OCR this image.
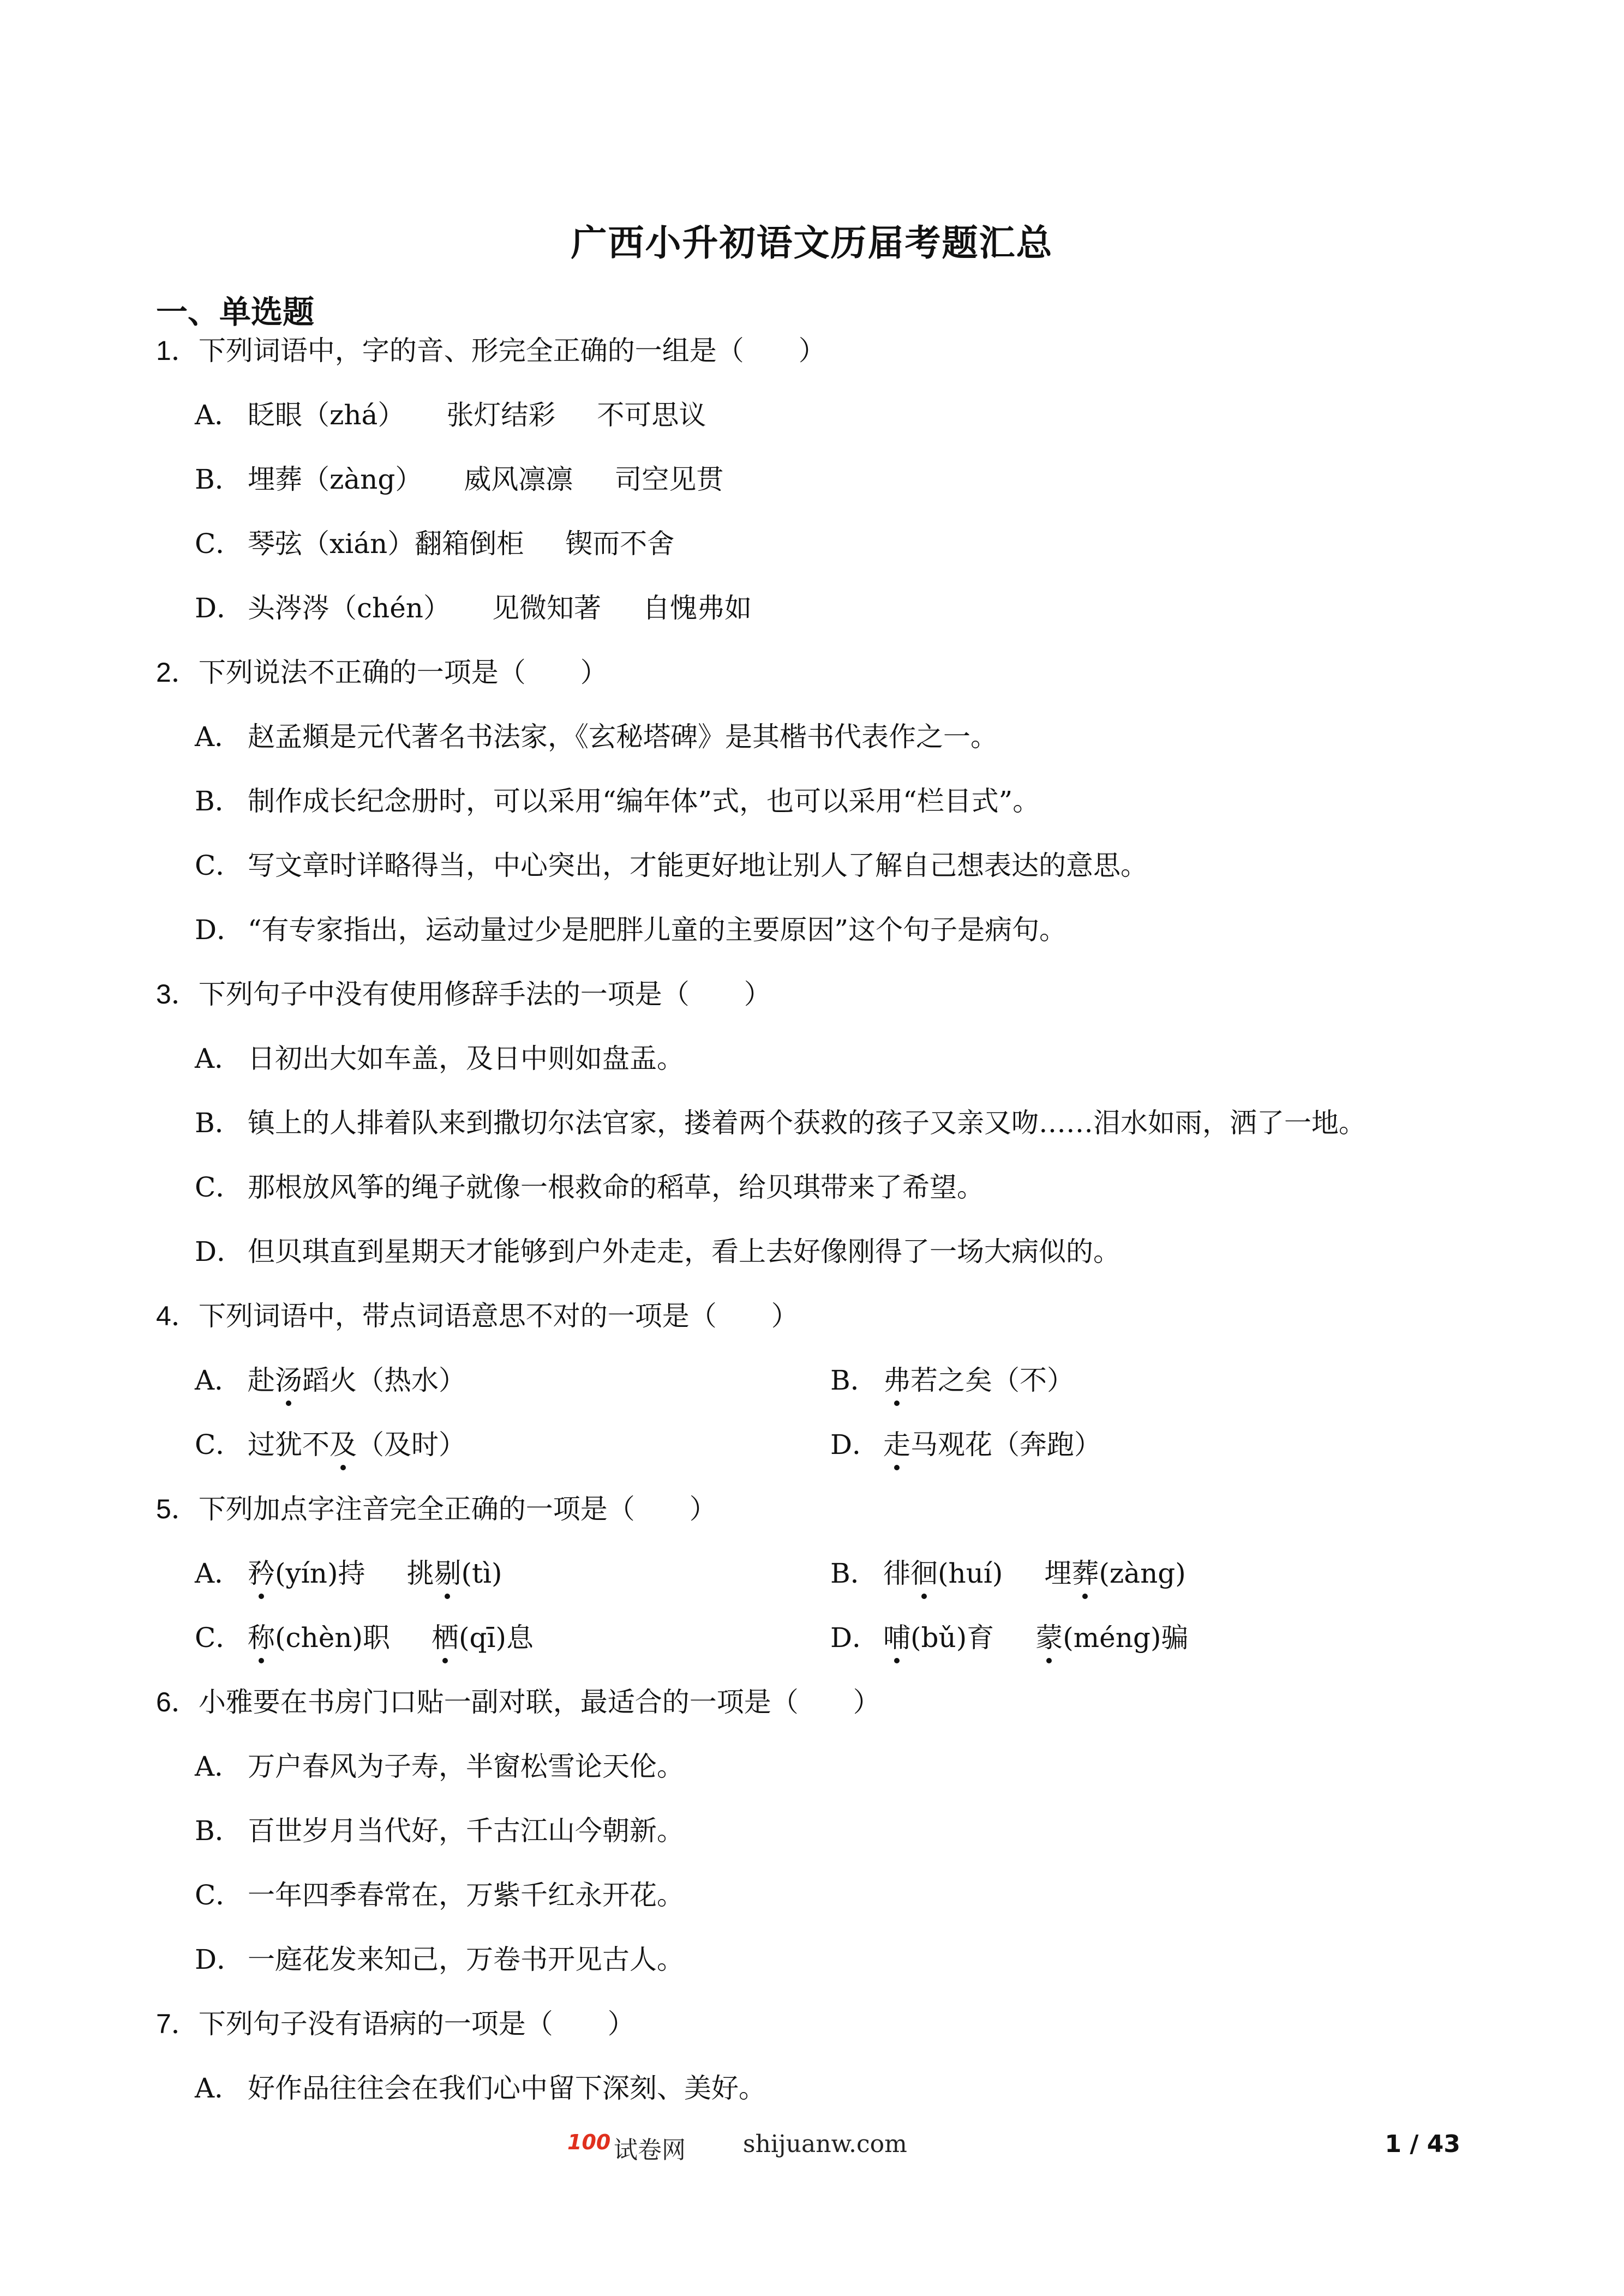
广西小升初语文历届考题汇总
一、单选题
1．下列词语中，字的音、形完全正确的一组是（　　）
A． 眨眼（zhá） 张灯结彩 不可思议
B． 埋葬（zàng） 威风凛凛 司空见贯
C． 琴弦（xián）翻箱倒柜 锲而不舍
D． 头涔涔（chén） 见微知著 自愧弗如
2．下列说法不正确的一项是（　　）
A． 赵孟頫是元代著名书法家，《玄秘塔碑》是其楷书代表作之一。
B． 制作成长纪念册时，可以采用“编年体”式，也可以采用“栏目式”。
C． 写文章时详略得当，中心突出，才能更好地让别人了解自己想表达的意思。
D． “有专家指出，运动量过少是肥胖儿童的主要原因”这个句子是病句。
3．下列句子中没有使用修辞手法的一项是（　　）
A． 日初出大如车盖，及日中则如盘盂。
B． 镇上的人排着队来到撒切尔法官家，搂着两个获救的孩子又亲又吻……泪水如雨，洒了一地。
C． 那根放风筝的绳子就像一根救命的稻草，给贝琪带来了希望。
D． 但贝琪直到星期天才能够到户外走走，看上去好像刚得了一场大病似的。
4．下列词语中，带点词语意思不对的一项是（　　）
A． 赴汤蹈火（热水）	B． 弗若之矣（不）
C． 过犹不及（及时）	D． 走马观花（奔跑）
5．下列加点字注音完全正确的一项是（　　）
A． 矜(yín)持 挑剔(tì)	B． 徘徊(huí) 埋葬(zàng)
C． 称(chèn)职 栖(qī)息	D． 哺(bǔ)育 蒙(méng)骗
6．小雅要在书房门口贴一副对联，最适合的一项是（　　）
A． 万户春风为子寿，半窗松雪论天伦。
B． 百世岁月当代好，千古江山今朝新。
C． 一年四季春常在，万紫千红永开花。
D． 一庭花发来知己，万卷书开见古人。
7．下列句子没有语病的一项是（　　）
A． 好作品往往会在我们心中留下深刻、美好。
100 试卷网 shijuanw.com	1 / 43
